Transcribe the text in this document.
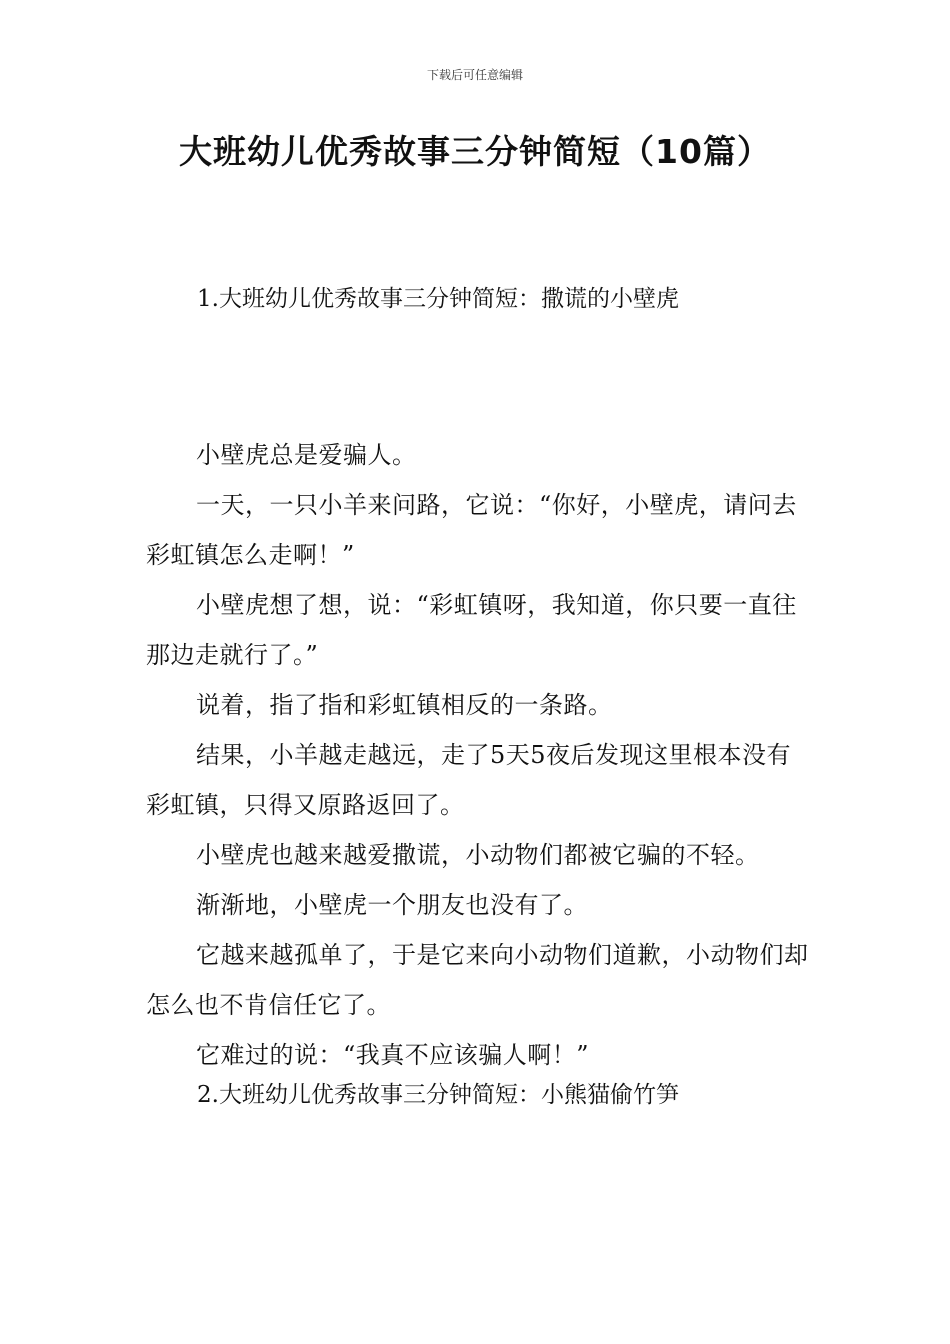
下载后可任意编辑
大班幼儿优秀故事三分钟简短（10篇）
1.大班幼儿优秀故事三分钟简短：撒谎的小壁虎

小壁虎总是爱骗人。

一天，一只小羊来问路，它说：“你好，小壁虎，请问去彩虹镇怎么走啊！”

小壁虎想了想，说：“彩虹镇呀，我知道，你只要一直往那边走就行了。”

说着，指了指和彩虹镇相反的一条路。

结果，小羊越走越远，走了5天5夜后发现这里根本没有彩虹镇，只得又原路返回了。

小壁虎也越来越爱撒谎，小动物们都被它骗的不轻。

渐渐地，小壁虎一个朋友也没有了。

它越来越孤单了，于是它来向小动物们道歉，小动物们却怎么也不肯信任它了。

它难过的说：“我真不应该骗人啊！”

2.大班幼儿优秀故事三分钟简短：小熊猫偷竹笋
